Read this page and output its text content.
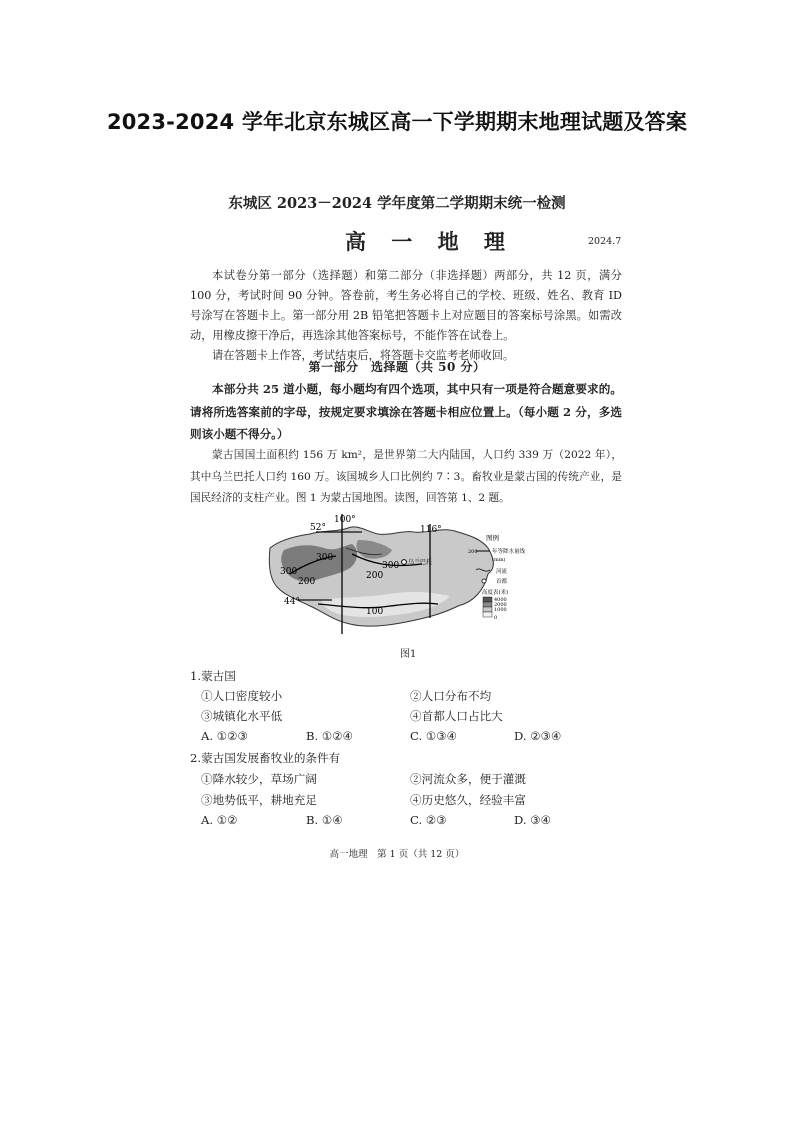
2023-2024 学年北京东城区高一下学期期末地理试题及答案
东城区 2023－2024 学年度第二学期期末统一检测
高 一 地 理	2024.7

本试卷分第一部分（选择题）和第二部分（非选择题）两部分，共 12 页，满分 100 分，考试时间 90 分钟。答卷前，考生务必将自己的学校、班级、姓名、教育 ID 号涂写在答题卡上。第一部分用 2B 铅笔把答题卡上对应题目的答案标号涂黑。如需改动，用橡皮擦干净后，再选涂其他答案标号，不能作答在试卷上。

请在答题卡上作答，考试结束后，将答题卡交监考老师收回。

第一部分　选择题（共 50 分）

本部分共 25 道小题，每小题均有四个选项，其中只有一项是符合题意要求的。请将所选答案前的字母，按规定要求填涂在答题卡相应位置上。（每小题 2 分，多选则该小题不得分。）

蒙古国国土面积约 156 万 km²，是世界第二大内陆国，人口约 339 万（2022 年），其中乌兰巴托人口约 160 万。该国城乡人口比例约 7∶3。畜牧业是蒙古国的传统产业，是国民经济的支柱产业。图 1 为蒙古国地图。读图，回答第 1、2 题。

100°
116°
52°
44°
300
300
300
200
200
100
乌兰巴托
图例
200	年等降水量线
(mm)
河流
首都
高度表(米)
4000
2000
1000
0
图1
1.蒙古国
①人口密度较小	②人口分布不均
③城镇化水平低	④首都人口占比大
A. ①②③	B. ①②④	C. ①③④	D. ②③④
2.蒙古国发展畜牧业的条件有
①降水较少，草场广阔	②河流众多，便于灌溉
③地势低平，耕地充足	④历史悠久，经验丰富
A. ①②	B. ①④	C. ②③	D. ③④
高一地理　第 1 页（共 12 页）
